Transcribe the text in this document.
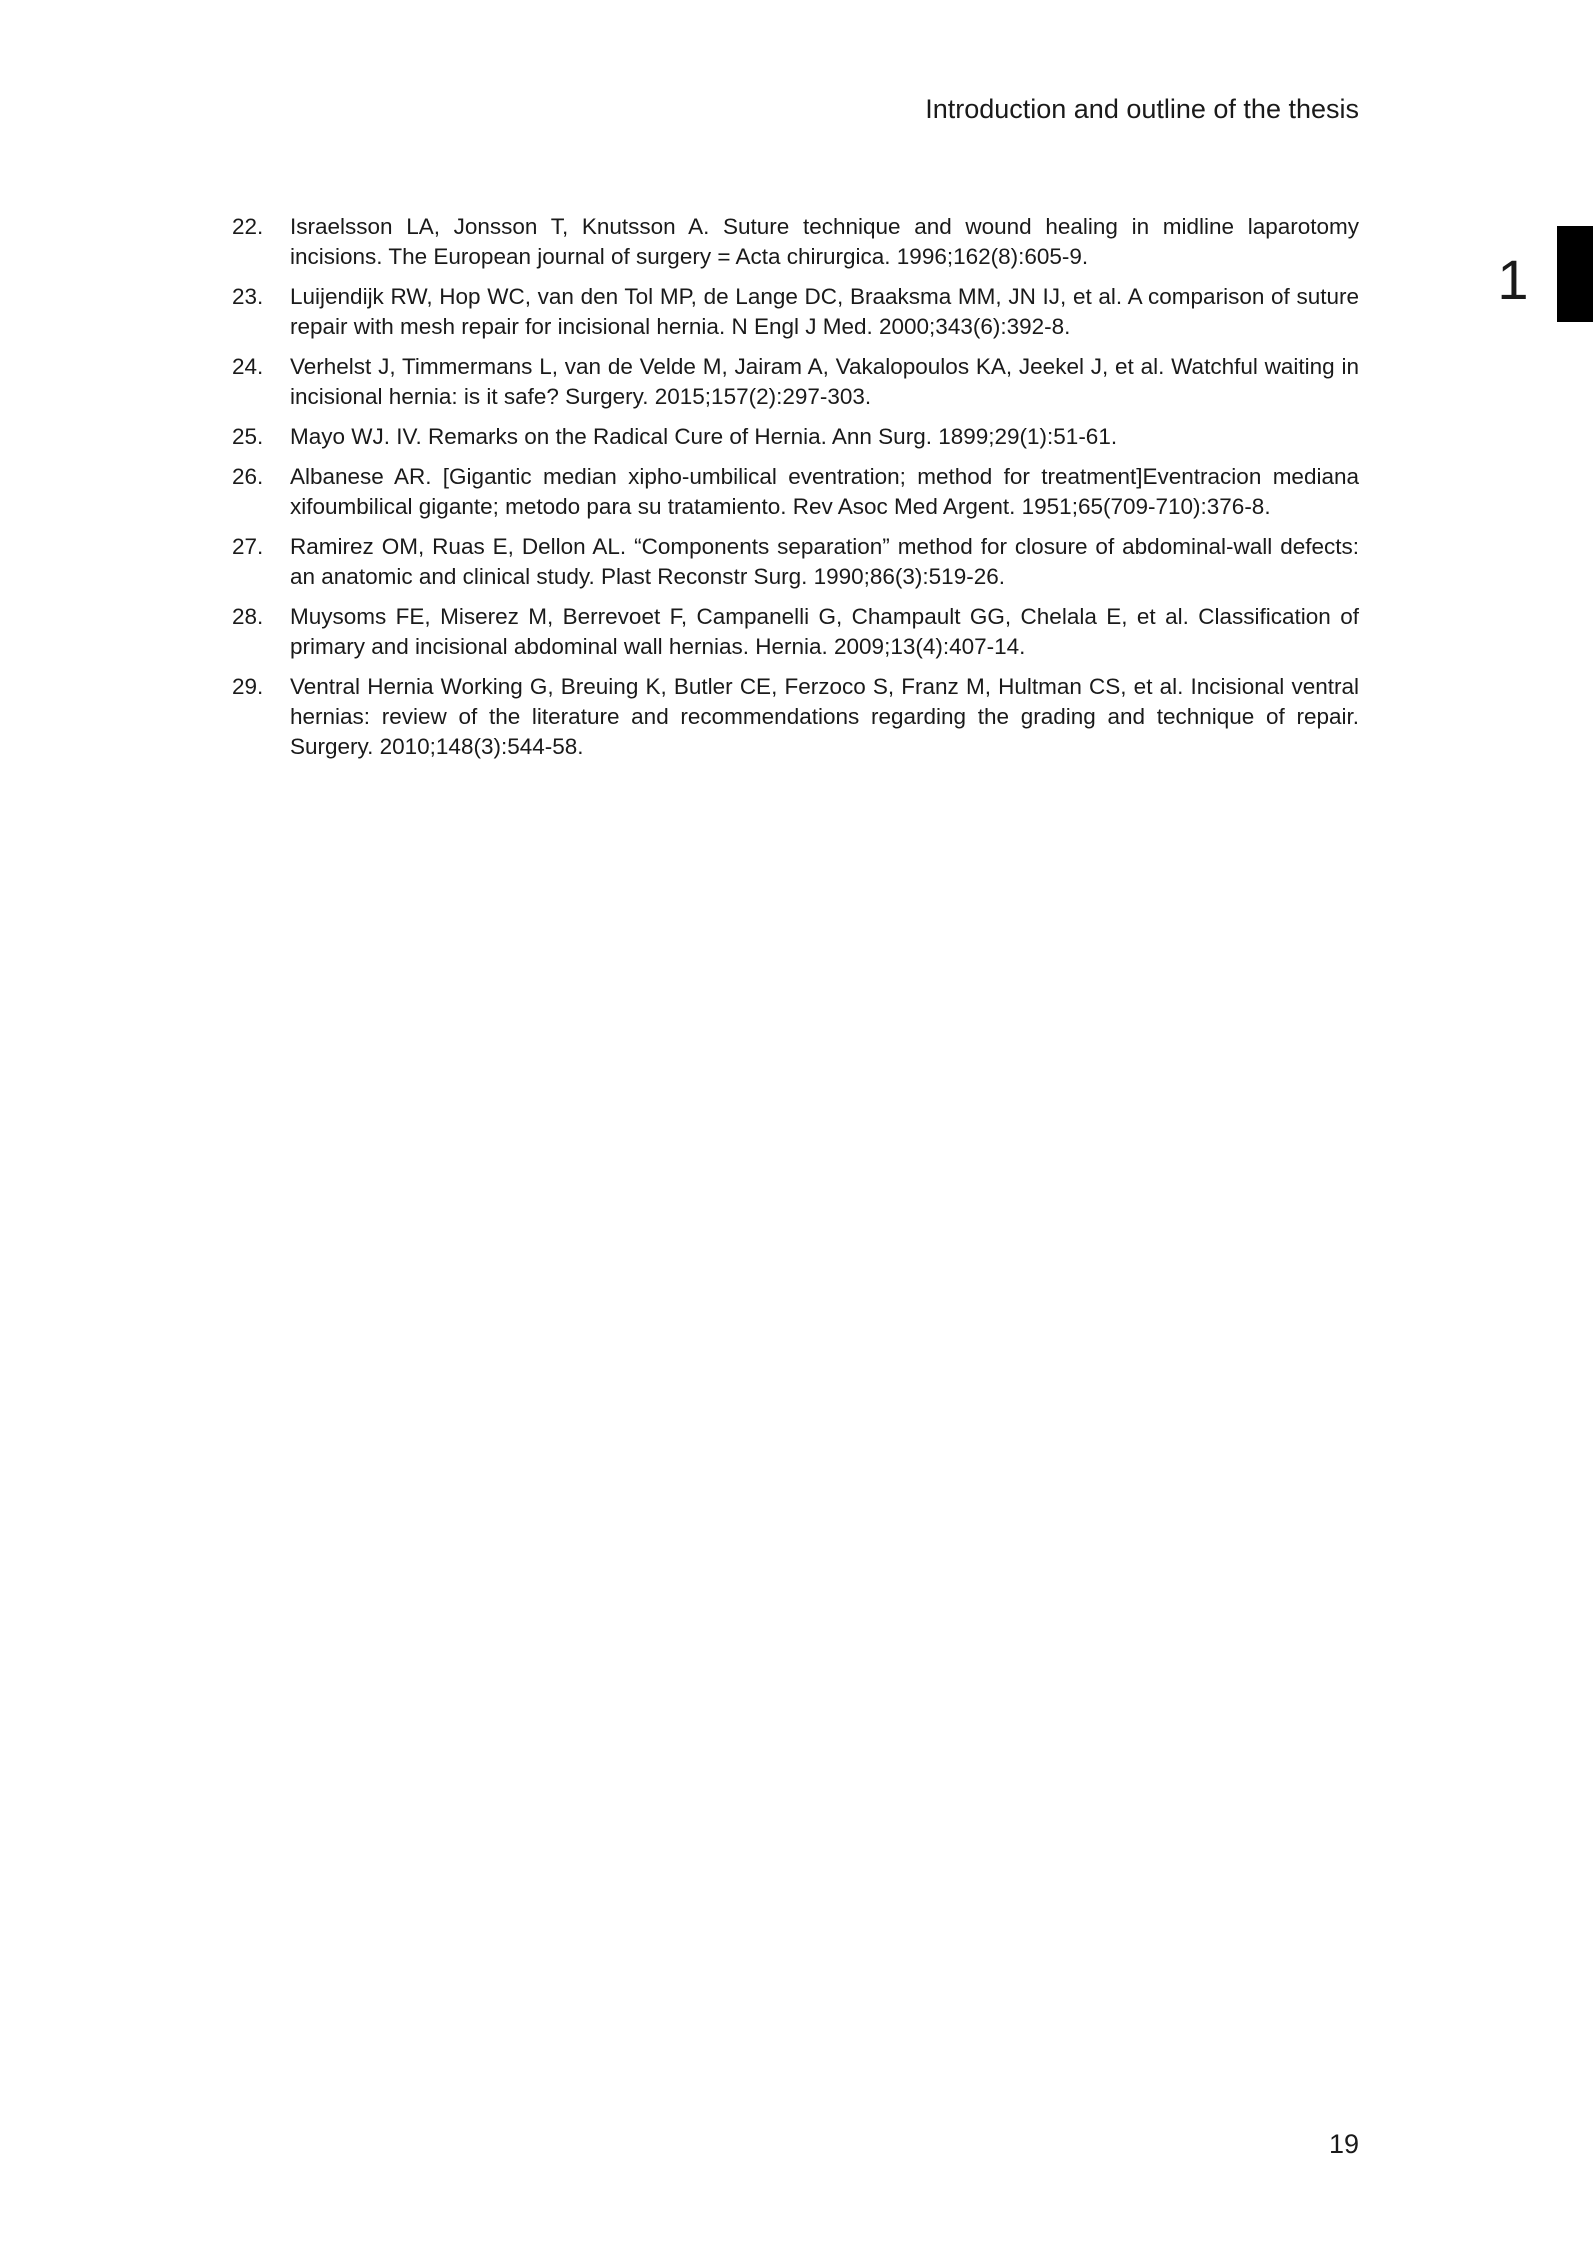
Introduction and outline of the thesis
1
22.	Israelsson LA, Jonsson T, Knutsson A. Suture technique and wound healing in midline laparotomy incisions. The European journal of surgery = Acta chirurgica. 1996;162(8):605-9.
23.	Luijendijk RW, Hop WC, van den Tol MP, de Lange DC, Braaksma MM, JN IJ, et al. A comparison of suture repair with mesh repair for incisional hernia. N Engl J Med. 2000;343(6):392-8.
24.	Verhelst J, Timmermans L, van de Velde M, Jairam A, Vakalopoulos KA, Jeekel J, et al. Watchful waiting in incisional hernia: is it safe? Surgery. 2015;157(2):297-303.
25.	Mayo WJ. IV. Remarks on the Radical Cure of Hernia. Ann Surg. 1899;29(1):51-61.
26.	Albanese AR. [Gigantic median xipho-umbilical eventration; method for treatment]Eventracion mediana xifoumbilical gigante; metodo para su tratamiento. Rev Asoc Med Argent. 1951;65(709-710):376-8.
27.	Ramirez OM, Ruas E, Dellon AL. “Components separation” method for closure of abdominal-wall defects: an anatomic and clinical study. Plast Reconstr Surg. 1990;86(3):519-26.
28.	Muysoms FE, Miserez M, Berrevoet F, Campanelli G, Champault GG, Chelala E, et al. Classification of primary and incisional abdominal wall hernias. Hernia. 2009;13(4):407-14.
29.	Ventral Hernia Working G, Breuing K, Butler CE, Ferzoco S, Franz M, Hultman CS, et al. Incisional ventral hernias: review of the literature and recommendations regarding the grading and technique of repair. Surgery. 2010;148(3):544-58.
19
